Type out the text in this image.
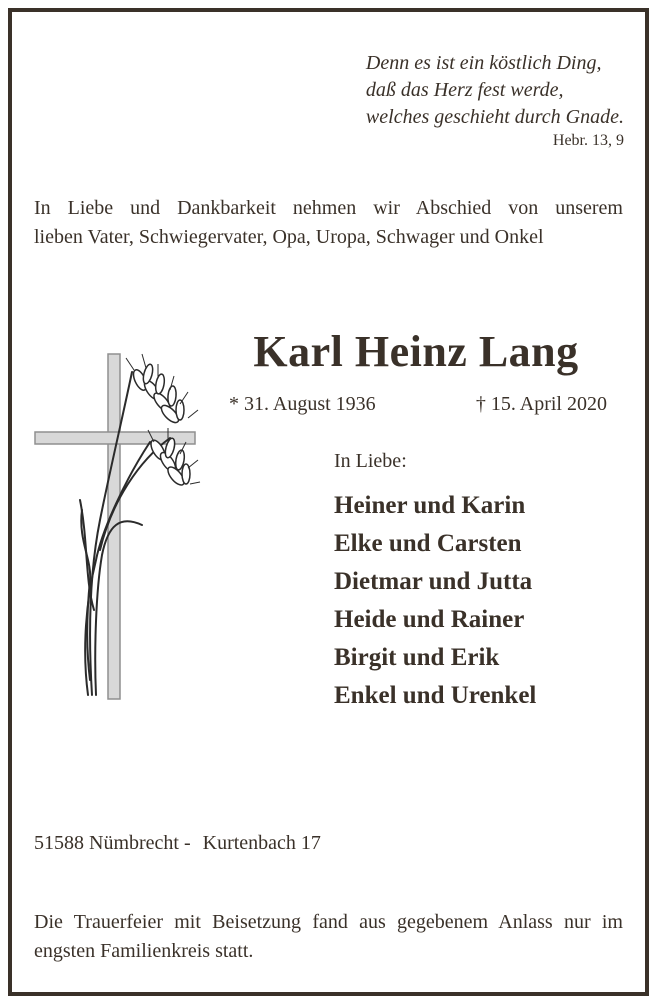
Denn es ist ein köstlich Ding,
daß das Herz fest werde,
welches geschieht durch Gnade.
Hebr. 13, 9
In Liebe und Dankbarkeit nehmen wir Abschied von unserem
lieben Vater, Schwiegervater, Opa, Uropa, Schwager und Onkel
Karl Heinz Lang
* 31. August 1936	† 15. April 2020
In Liebe:
Heiner und Karin
Elke und Carsten
Dietmar und Jutta
Heide und Rainer
Birgit und Erik
Enkel und Urenkel
51588 Nümbrecht - Kurtenbach 17
Die Trauerfeier mit Beisetzung fand aus gegebenem Anlass nur im engsten Familienkreis statt.
